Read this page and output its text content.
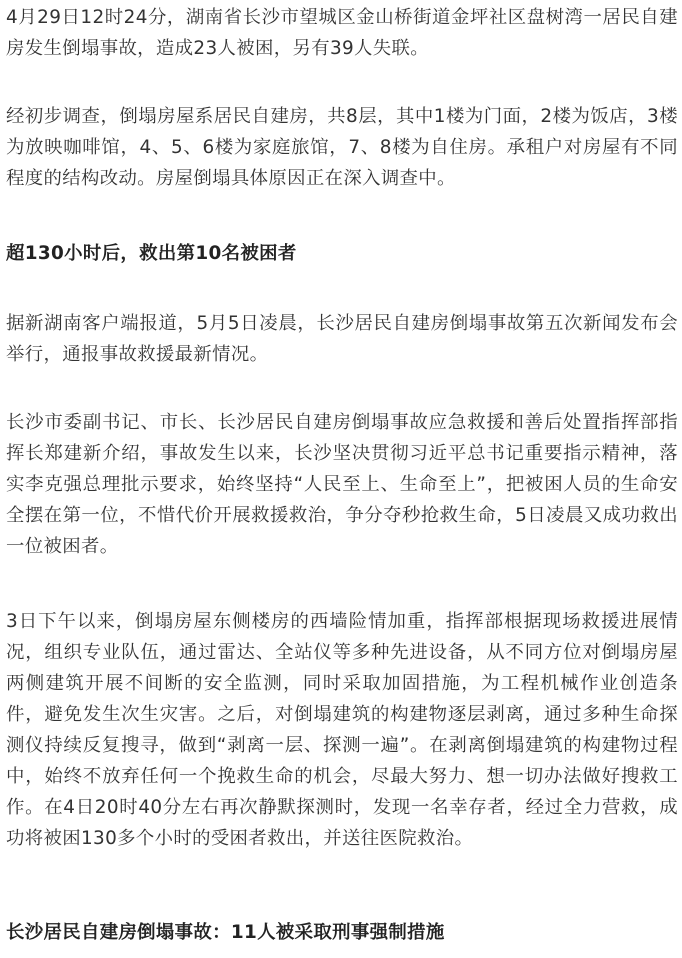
4月29日12时24分，湖南省长沙市望城区金山桥街道金坪社区盘树湾一居民自建房发生倒塌事故，造成23人被困，另有39人失联。

经初步调查，倒塌房屋系居民自建房，共8层，其中1楼为门面，2楼为饭店，3楼为放映咖啡馆，4、5、6楼为家庭旅馆，7、8楼为自住房。承租户对房屋有不同程度的结构改动。房屋倒塌具体原因正在深入调查中。

超130小时后，救出第10名被困者

据新湖南客户端报道，5月5日凌晨，长沙居民自建房倒塌事故第五次新闻发布会举行，通报事故救援最新情况。

长沙市委副书记、市长、长沙居民自建房倒塌事故应急救援和善后处置指挥部指挥长郑建新介绍，事故发生以来，长沙坚决贯彻习近平总书记重要指示精神，落实李克强总理批示要求，始终坚持“人民至上、生命至上”，把被困人员的生命安全摆在第一位，不惜代价开展救援救治，争分夺秒抢救生命，5日凌晨又成功救出一位被困者。

3日下午以来，倒塌房屋东侧楼房的西墙险情加重，指挥部根据现场救援进展情况，组织专业队伍，通过雷达、全站仪等多种先进设备，从不同方位对倒塌房屋两侧建筑开展不间断的安全监测，同时采取加固措施，为工程机械作业创造条件，避免发生次生灾害。之后，对倒塌建筑的构建物逐层剥离，通过多种生命探测仪持续反复搜寻，做到“剥离一层、探测一遍”。在剥离倒塌建筑的构建物过程中，始终不放弃任何一个挽救生命的机会，尽最大努力、想一切办法做好搜救工作。在4日20时40分左右再次静默探测时，发现一名幸存者，经过全力营救，成功将被困130多个小时的受困者救出，并送往医院救治。

长沙居民自建房倒塌事故：11人被采取刑事强制措施
